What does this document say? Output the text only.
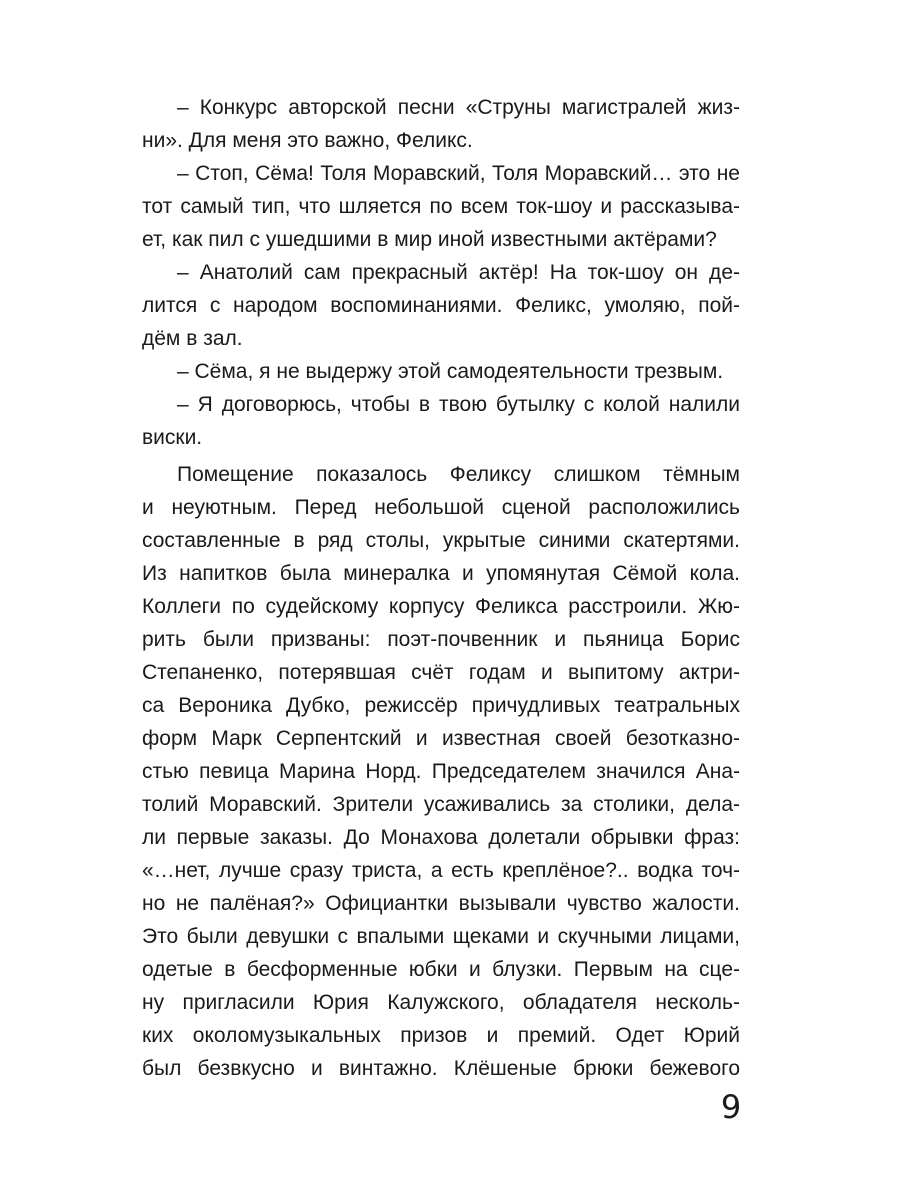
– Конкурс авторской песни «Струны магистралей жиз-
ни». Для меня это важно, Феликс.
– Стоп, Сёма! Толя Моравский, Толя Моравский… это не
тот самый тип, что шляется по всем ток-шоу и рассказыва-
ет, как пил с ушедшими в мир иной известными актёрами?
– Анатолий сам прекрасный актёр! На ток-шоу он де-
лится с народом воспоминаниями. Феликс, умоляю, пой-
дём в зал.
– Сёма, я не выдержу этой самодеятельности трезвым.
– Я договорюсь, чтобы в твою бутылку с колой налили
виски.
Помещение показалось Феликсу слишком тёмным
и неуютным. Перед небольшой сценой расположились
составленные в ряд столы, укрытые синими скатертями.
Из напитков была минералка и упомянутая Сёмой кола.
Коллеги по судейскому корпусу Феликса расстроили. Жю-
рить были призваны: поэт-почвенник и пьяница Борис
Степаненко, потерявшая счёт годам и выпитому актри-
са Вероника Дубко, режиссёр причудливых театральных
форм Марк Серпентский и известная своей безотказно-
стью певица Марина Норд. Председателем значился Ана-
толий Моравский. Зрители усаживались за столики, дела-
ли первые заказы. До Монахова долетали обрывки фраз:
«…нет, лучше сразу триста, а есть креплёное?.. водка точ-
но не палёная?» Официантки вызывали чувство жалости.
Это были девушки с впалыми щеками и скучными лицами,
одетые в бесформенные юбки и блузки. Первым на сце-
ну пригласили Юрия Калужского, обладателя несколь-
ких околомузыкальных призов и премий. Одет Юрий
был безвкусно и винтажно. Клёшеные брюки бежевого
9
